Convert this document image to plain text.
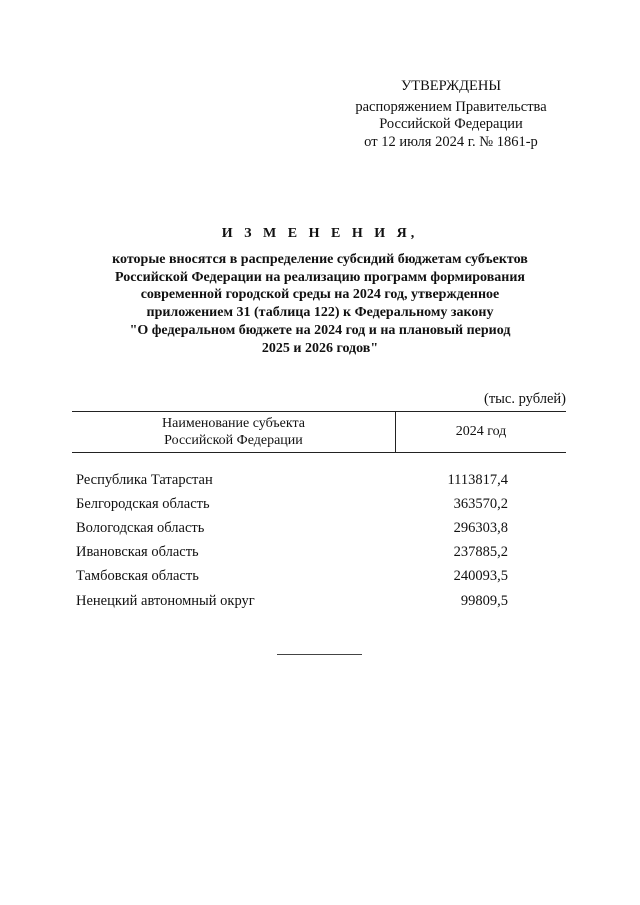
УТВЕРЖДЕНЫ
распоряжением Правительства
Российской Федерации
от 12 июля 2024 г. № 1861-р
И З М Е Н Е Н И Я,
которые вносятся в распределение субсидий бюджетам субъектов
Российской Федерации на реализацию программ формирования
современной городской среды на 2024 год, утвержденное
приложением 31 (таблица 122) к Федеральному закону
"О федеральном бюджете на 2024 год и на плановый период
2025 и 2026 годов"
(тыс. рублей)
Наименование субъекта
Российской Федерации
2024 год
Республика Татарстан	1113817,4
Белгородская область	363570,2
Вологодская область	296303,8
Ивановская область	237885,2
Тамбовская область	240093,5
Ненецкий автономный округ	99809,5
